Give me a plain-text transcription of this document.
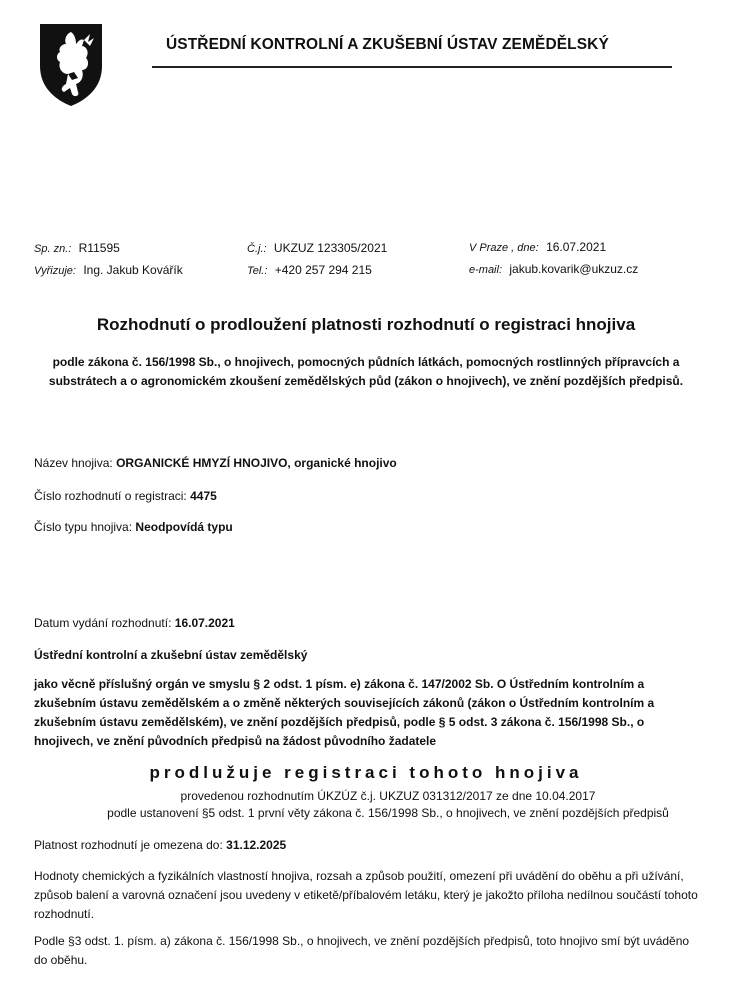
ÚSTŘEDNÍ KONTROLNÍ A ZKUŠEBNÍ ÚSTAV ZEMĚDĚLSKÝ
Sp. zn.: R11595
Vyřizuje: Ing. Jakub Kovářík
Č.j.: UKZUZ 123305/2021
Tel.: +420 257 294 215
V Praze , dne: 16.07.2021
e-mail: jakub.kovarik@ukzuz.cz
Rozhodnutí o prodloužení platnosti rozhodnutí o registraci hnojiva
podle zákona č. 156/1998 Sb., o hnojivech, pomocných půdních látkách, pomocných rostlinných přípravcích a substrátech a o agronomickém zkoušení zemědělských půd (zákon o hnojivech), ve znění pozdějších předpisů.
Název hnojiva: ORGANICKÉ HMYZÍ HNOJIVO, organické hnojivo
Číslo rozhodnutí o registraci: 4475
Číslo typu hnojiva: Neodpovídá typu
Datum vydání rozhodnutí: 16.07.2021
Ústřední kontrolní a zkušební ústav zemědělský
jako věcně příslušný orgán ve smyslu § 2 odst. 1 písm. e) zákona č. 147/2002 Sb. O Ústředním kontrolním a zkušebním ústavu zemědělském a o změně některých souvisejících zákonů (zákon o Ústředním kontrolním a zkušebním ústavu zemědělském), ve znění pozdějších předpisů, podle § 5 odst. 3 zákona č. 156/1998 Sb., o hnojivech, ve znění původních předpisů na žádost původního žadatele
prodlužuje registraci tohoto hnojiva
provedenou rozhodnutím ÚKZÚZ č.j. UKZUZ 031312/2017 ze dne 10.04.2017
podle ustanovení §5 odst. 1 první věty zákona č. 156/1998 Sb., o hnojivech, ve znění pozdějších předpisů
Platnost rozhodnutí je omezena do: 31.12.2025
Hodnoty chemických a fyzikálních vlastností hnojiva, rozsah a způsob použití, omezení při uvádění do oběhu a při užívání, způsob balení a varovná označení jsou uvedeny v etiketě/příbalovém letáku, který je jakožto příloha nedílnou součástí tohoto rozhodnutí.
Podle §3 odst. 1. písm. a) zákona č. 156/1998 Sb., o hnojivech, ve znění pozdějších předpisů, toto hnojivo smí být uváděno do oběhu.
